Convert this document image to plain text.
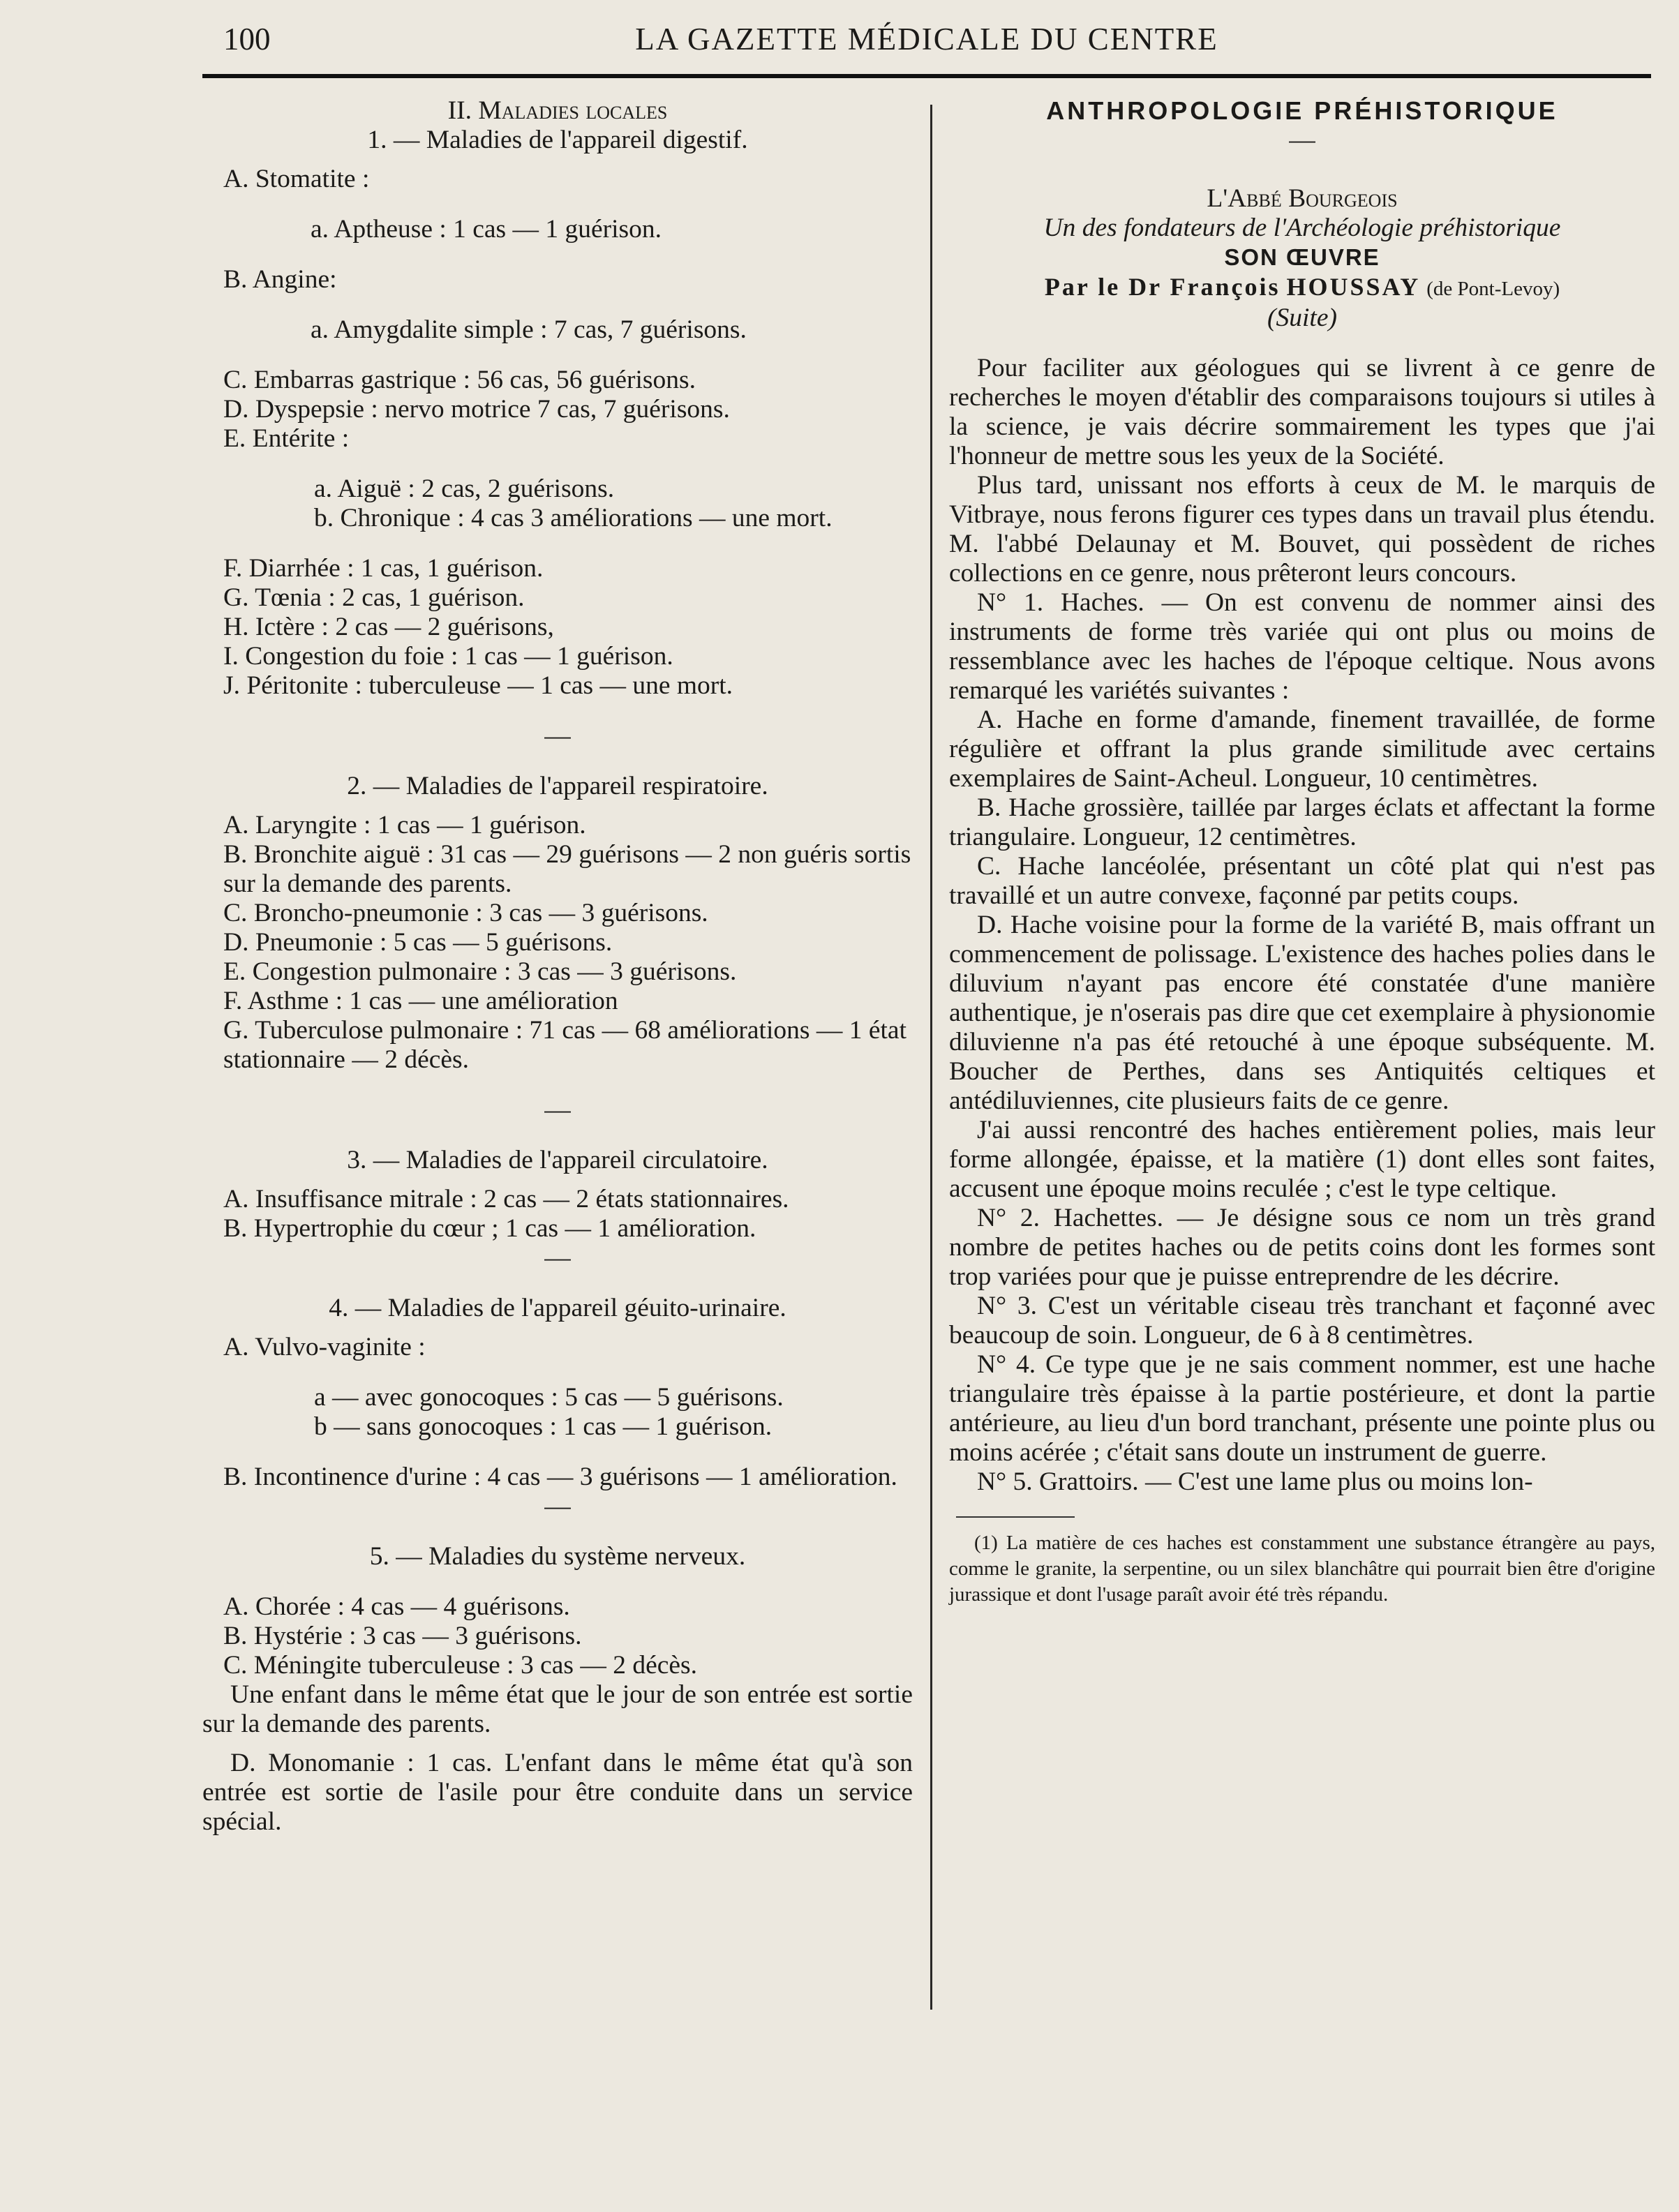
100	LA GAZETTE MÉDICALE DU CENTRE
II. Maladies locales
1. — Maladies de l'appareil digestif.
A. Stomatite :
a. Aptheuse : 1 cas — 1 guérison.
B. Angine:
a. Amygdalite simple : 7 cas, 7 guérisons.
C. Embarras gastrique : 56 cas, 56 guérisons.
D. Dyspepsie : nervo motrice 7 cas, 7 guérisons.
E. Entérite :
a. Aiguë : 2 cas, 2 guérisons.
b. Chronique : 4 cas 3 améliorations — une mort.
F. Diarrhée : 1 cas, 1 guérison.
G. Tœnia : 2 cas, 1 guérison.
H. Ictère : 2 cas — 2 guérisons,
I. Congestion du foie : 1 cas — 1 guérison.
J. Péritonite : tuberculeuse — 1 cas — une mort.
—
2. — Maladies de l'appareil respiratoire.
A. Laryngite : 1 cas — 1 guérison.
B. Bronchite aiguë : 31 cas — 29 guérisons — 2 non guéris sortis sur la demande des parents.
C. Broncho-pneumonie : 3 cas — 3 guérisons.
D. Pneumonie : 5 cas — 5 guérisons.
E. Congestion pulmonaire : 3 cas — 3 guérisons.
F. Asthme : 1 cas — une amélioration
G. Tuberculose pulmonaire : 71 cas — 68 améliorations — 1 état stationnaire — 2 décès.
—
3. — Maladies de l'appareil circulatoire.
A. Insuffisance mitrale : 2 cas — 2 états stationnaires.
B. Hypertrophie du cœur ; 1 cas — 1 amélioration.
—
4. — Maladies de l'appareil géuito-urinaire.
A. Vulvo-vaginite :
a — avec gonocoques : 5 cas — 5 guérisons.
b — sans gonocoques : 1 cas — 1 guérison.
B. Incontinence d'urine : 4 cas — 3 guérisons — 1 amélioration.
—
5. — Maladies du système nerveux.
A. Chorée : 4 cas — 4 guérisons.
B. Hystérie : 3 cas — 3 guérisons.
C. Méningite tuberculeuse : 3 cas — 2 décès.

Une enfant dans le même état que le jour de son entrée est sortie sur la demande des parents.

D. Monomanie : 1 cas. L'enfant dans le même état qu'à son entrée est sortie de l'asile pour être conduite dans un service spécial.

ANTHROPOLOGIE PRÉHISTORIQUE
—
L'Abbé Bourgeois
Un des fondateurs de l'Archéologie préhistorique
SON ŒUVRE
Par le Dr François HOUSSAY (de Pont-Levoy)
(Suite)

Pour faciliter aux géologues qui se livrent à ce genre de recherches le moyen d'établir des comparaisons toujours si utiles à la science, je vais décrire sommairement les types que j'ai l'honneur de mettre sous les yeux de la Société.

Plus tard, unissant nos efforts à ceux de M. le marquis de Vitbraye, nous ferons figurer ces types dans un travail plus étendu. M. l'abbé Delaunay et M. Bouvet, qui possèdent de riches collections en ce genre, nous prêteront leurs concours.

N° 1. Haches. — On est convenu de nommer ainsi des instruments de forme très variée qui ont plus ou moins de ressemblance avec les haches de l'époque celtique. Nous avons remarqué les variétés suivantes :

A. Hache en forme d'amande, finement travaillée, de forme régulière et offrant la plus grande similitude avec certains exemplaires de Saint-Acheul. Longueur, 10 centimètres.

B. Hache grossière, taillée par larges éclats et affectant la forme triangulaire. Longueur, 12 centimètres.

C. Hache lancéolée, présentant un côté plat qui n'est pas travaillé et un autre convexe, façonné par petits coups.

D. Hache voisine pour la forme de la variété B, mais offrant un commencement de polissage. L'existence des haches polies dans le diluvium n'ayant pas encore été constatée d'une manière authentique, je n'oserais pas dire que cet exemplaire à physionomie diluvienne n'a pas été retouché à une époque subséquente. M. Boucher de Perthes, dans ses Antiquités celtiques et antédiluviennes, cite plusieurs faits de ce genre.

J'ai aussi rencontré des haches entièrement polies, mais leur forme allongée, épaisse, et la matière (1) dont elles sont faites, accusent une époque moins reculée ; c'est le type celtique.

N° 2. Hachettes. — Je désigne sous ce nom un très grand nombre de petites haches ou de petits coins dont les formes sont trop variées pour que je puisse entreprendre de les décrire.

N° 3. C'est un véritable ciseau très tranchant et façonné avec beaucoup de soin. Longueur, de 6 à 8 centimètres.

N° 4. Ce type que je ne sais comment nommer, est une hache triangulaire très épaisse à la partie postérieure, et dont la partie antérieure, au lieu d'un bord tranchant, présente une pointe plus ou moins acérée ; c'était sans doute un instrument de guerre.

N° 5. Grattoirs. — C'est une lame plus ou moins lon-

(1) La matière de ces haches est constamment une substance étrangère au pays, comme le granite, la serpentine, ou un silex blanchâtre qui pourrait bien être d'origine jurassique et dont l'usage paraît avoir été très répandu.
